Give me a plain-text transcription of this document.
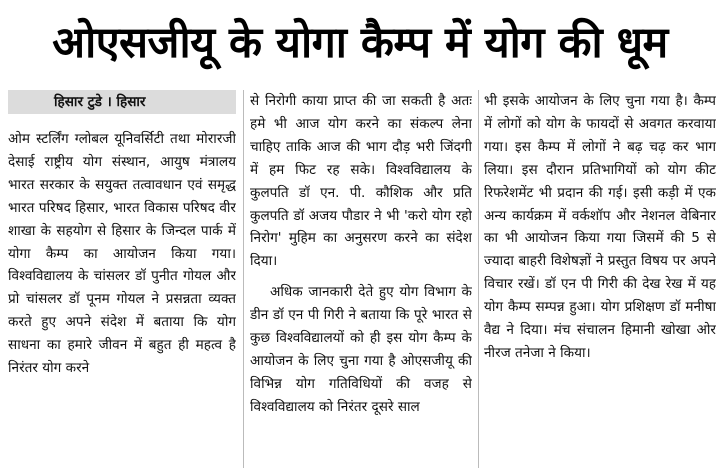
ओएसजीयू के योगा कैम्प में योग की धूम
हिसार टुडे । हिसार

ओम स्टर्लिंग ग्लोबल यूनिवर्सिटी तथा मोरारजी देसाई राष्ट्रीय योग संस्थान, आयुष मंत्रालय भारत सरकार के सयुक्त तत्वावधान एवं समृद्ध भारत परिषद हिसार, भारत विकास परिषद वीर शाखा के सहयोग से हिसार के जिन्दल पार्क में योगा कैम्प का आयोजन किया गया। विश्वविद्यालय के चांसलर डॉ पुनीत गोयल और प्रो चांसलर डॉ पूनम गोयल ने प्रसन्नता व्यक्त करते हुए अपने संदेश में बताया कि योग साधना का हमारे जीवन में बहुत ही महत्व है निरंतर योग करने

से निरोगी काया प्राप्त की जा सकती है अतः हमे भी आज योग करने का संकल्प लेना चाहिए ताकि आज की भाग दौड़ भरी जिंदगी में हम फिट रह सके। विश्वविद्यालय के कुलपति डॉ एन. पी. कौशिक और प्रति कुलपति डॉ अजय पौडार ने भी 'करो योग रहो निरोग' मुहिम का अनुसरण करने का संदेश दिया।

अधिक जानकारी देते हुए योग विभाग के डीन डॉ एन पी गिरी ने बताया कि पूरे भारत से कुछ विश्वविद्यालयों को ही इस योग कैम्प के आयोजन के लिए चुना गया है ओएसजीयू की विभिन्न योग गतिविधियों की वजह से विश्वविद्यालय को निरंतर दूसरे साल

भी इसके आयोजन के लिए चुना गया है। कैम्प में लोगों को योग के फायदों से अवगत करवाया गया। इस कैम्प में लोगों ने बढ़ चढ़ कर भाग लिया। इस दौरान प्रतिभागियों को योग कीट रिफरेशमेंट भी प्रदान की गई। इसी कड़ी में एक अन्य कार्यक्रम में वर्कशॉप और नेशनल वेबिनार का भी आयोजन किया गया जिसमें की 5 से ज्यादा बाहरी विशेषज्ञों ने प्रस्तुत विषय पर अपने विचार रखें। डॉ एन पी गिरी की देख रेख में यह योग कैम्प सम्पन्न हुआ। योग प्रशिक्षण डॉ मनीषा वैद्य ने दिया। मंच संचालन हिमानी खोखा ओर नीरज तनेजा ने किया।
